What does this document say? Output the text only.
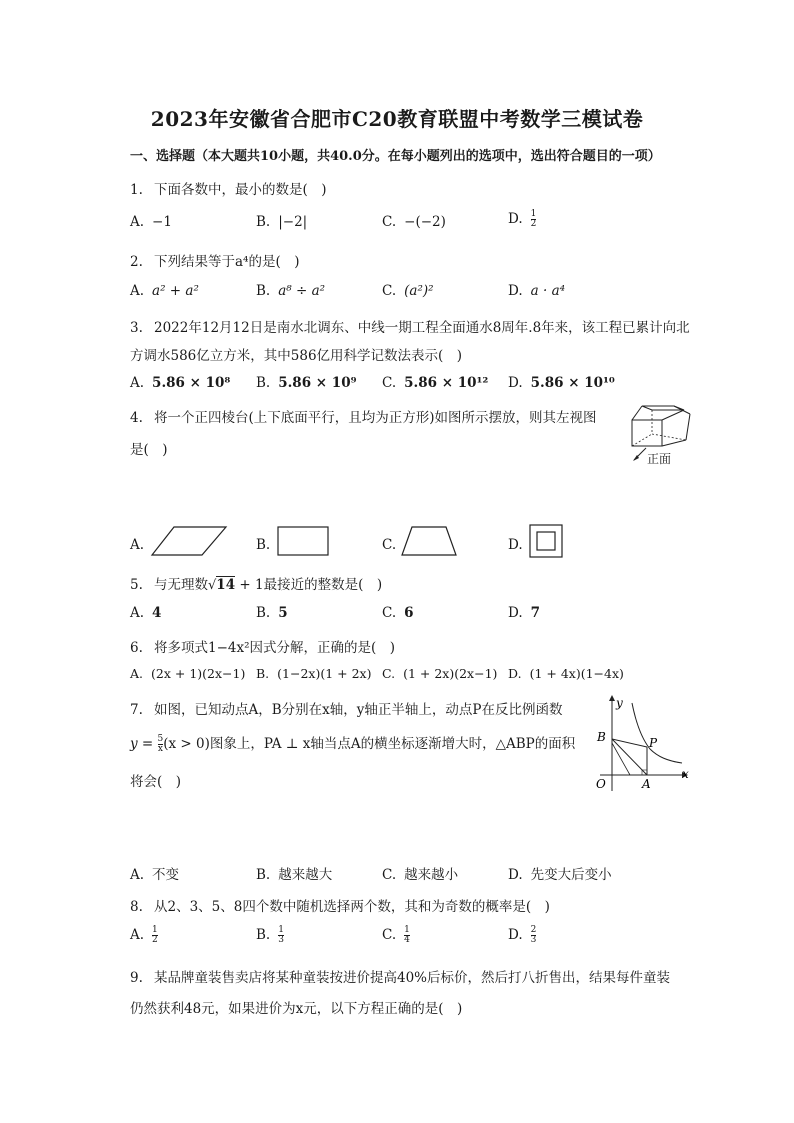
2023年安徽省合肥市C20教育联盟中考数学三模试卷
一、选择题（本大题共10小题，共40.0分。在每小题列出的选项中，选出符合题目的一项）
1. 下面各数中，最小的数是(　)
A. −1	B. |−2|	C. −(−2)	D. $\frac{1}{2}$
2. 下列结果等于a⁴的是(　)
A. a² + a²	B. a⁸ ÷ a²	C. (a²)²	D. a · a⁴
3. 2022年12月12日是南水北调东、中线一期工程全面通水8周年.8年来，该工程已累计向北
方调水586亿立方米，其中586亿用科学记数法表示(　)
A. 5.86 × 10⁸ B. 5.86 × 10⁹ C. 5.86 × 10¹² D. 5.86 × 10¹⁰
4. 将一个正四棱台(上下底面平行，且均为正方形)如图所示摆放，则其左视图
是(　)
正面
A.	B.	C.	D.
5. 与无理数√14 + 1最接近的整数是(　)
A. 4	B. 5	C. 6	D. 7
6. 将多项式1−4x²因式分解，正确的是(　)
A. (2x + 1)(2x−1) B. (1−2x)(1 + 2x) C. (1 + 2x)(2x−1) D. (1 + 4x)(1−4x)
7. 如图，已知动点A，B分别在x轴，y轴正半轴上，动点P在反比例函数
$y = \frac{5}{x} (x > 0)$图象上，PA ⊥ x轴当点A的横坐标逐渐增大时，△ABP的面积
将会(　)
y
x
O	A
B	P
A. 不变	B. 越来越大	C. 越来越小	D. 先变大后变小
8. 从2、3、5、8四个数中随机选择两个数，其和为奇数的概率是(　)
A. $\frac{1}{2}$	B. $\frac{1}{3}$	C. $\frac{1}{4}$	D. $\frac{2}{3}$
9. 某品牌童装售卖店将某种童装按进价提高40%后标价，然后打八折售出，结果每件童装
仍然获利48元，如果进价为x元，以下方程正确的是(　)
